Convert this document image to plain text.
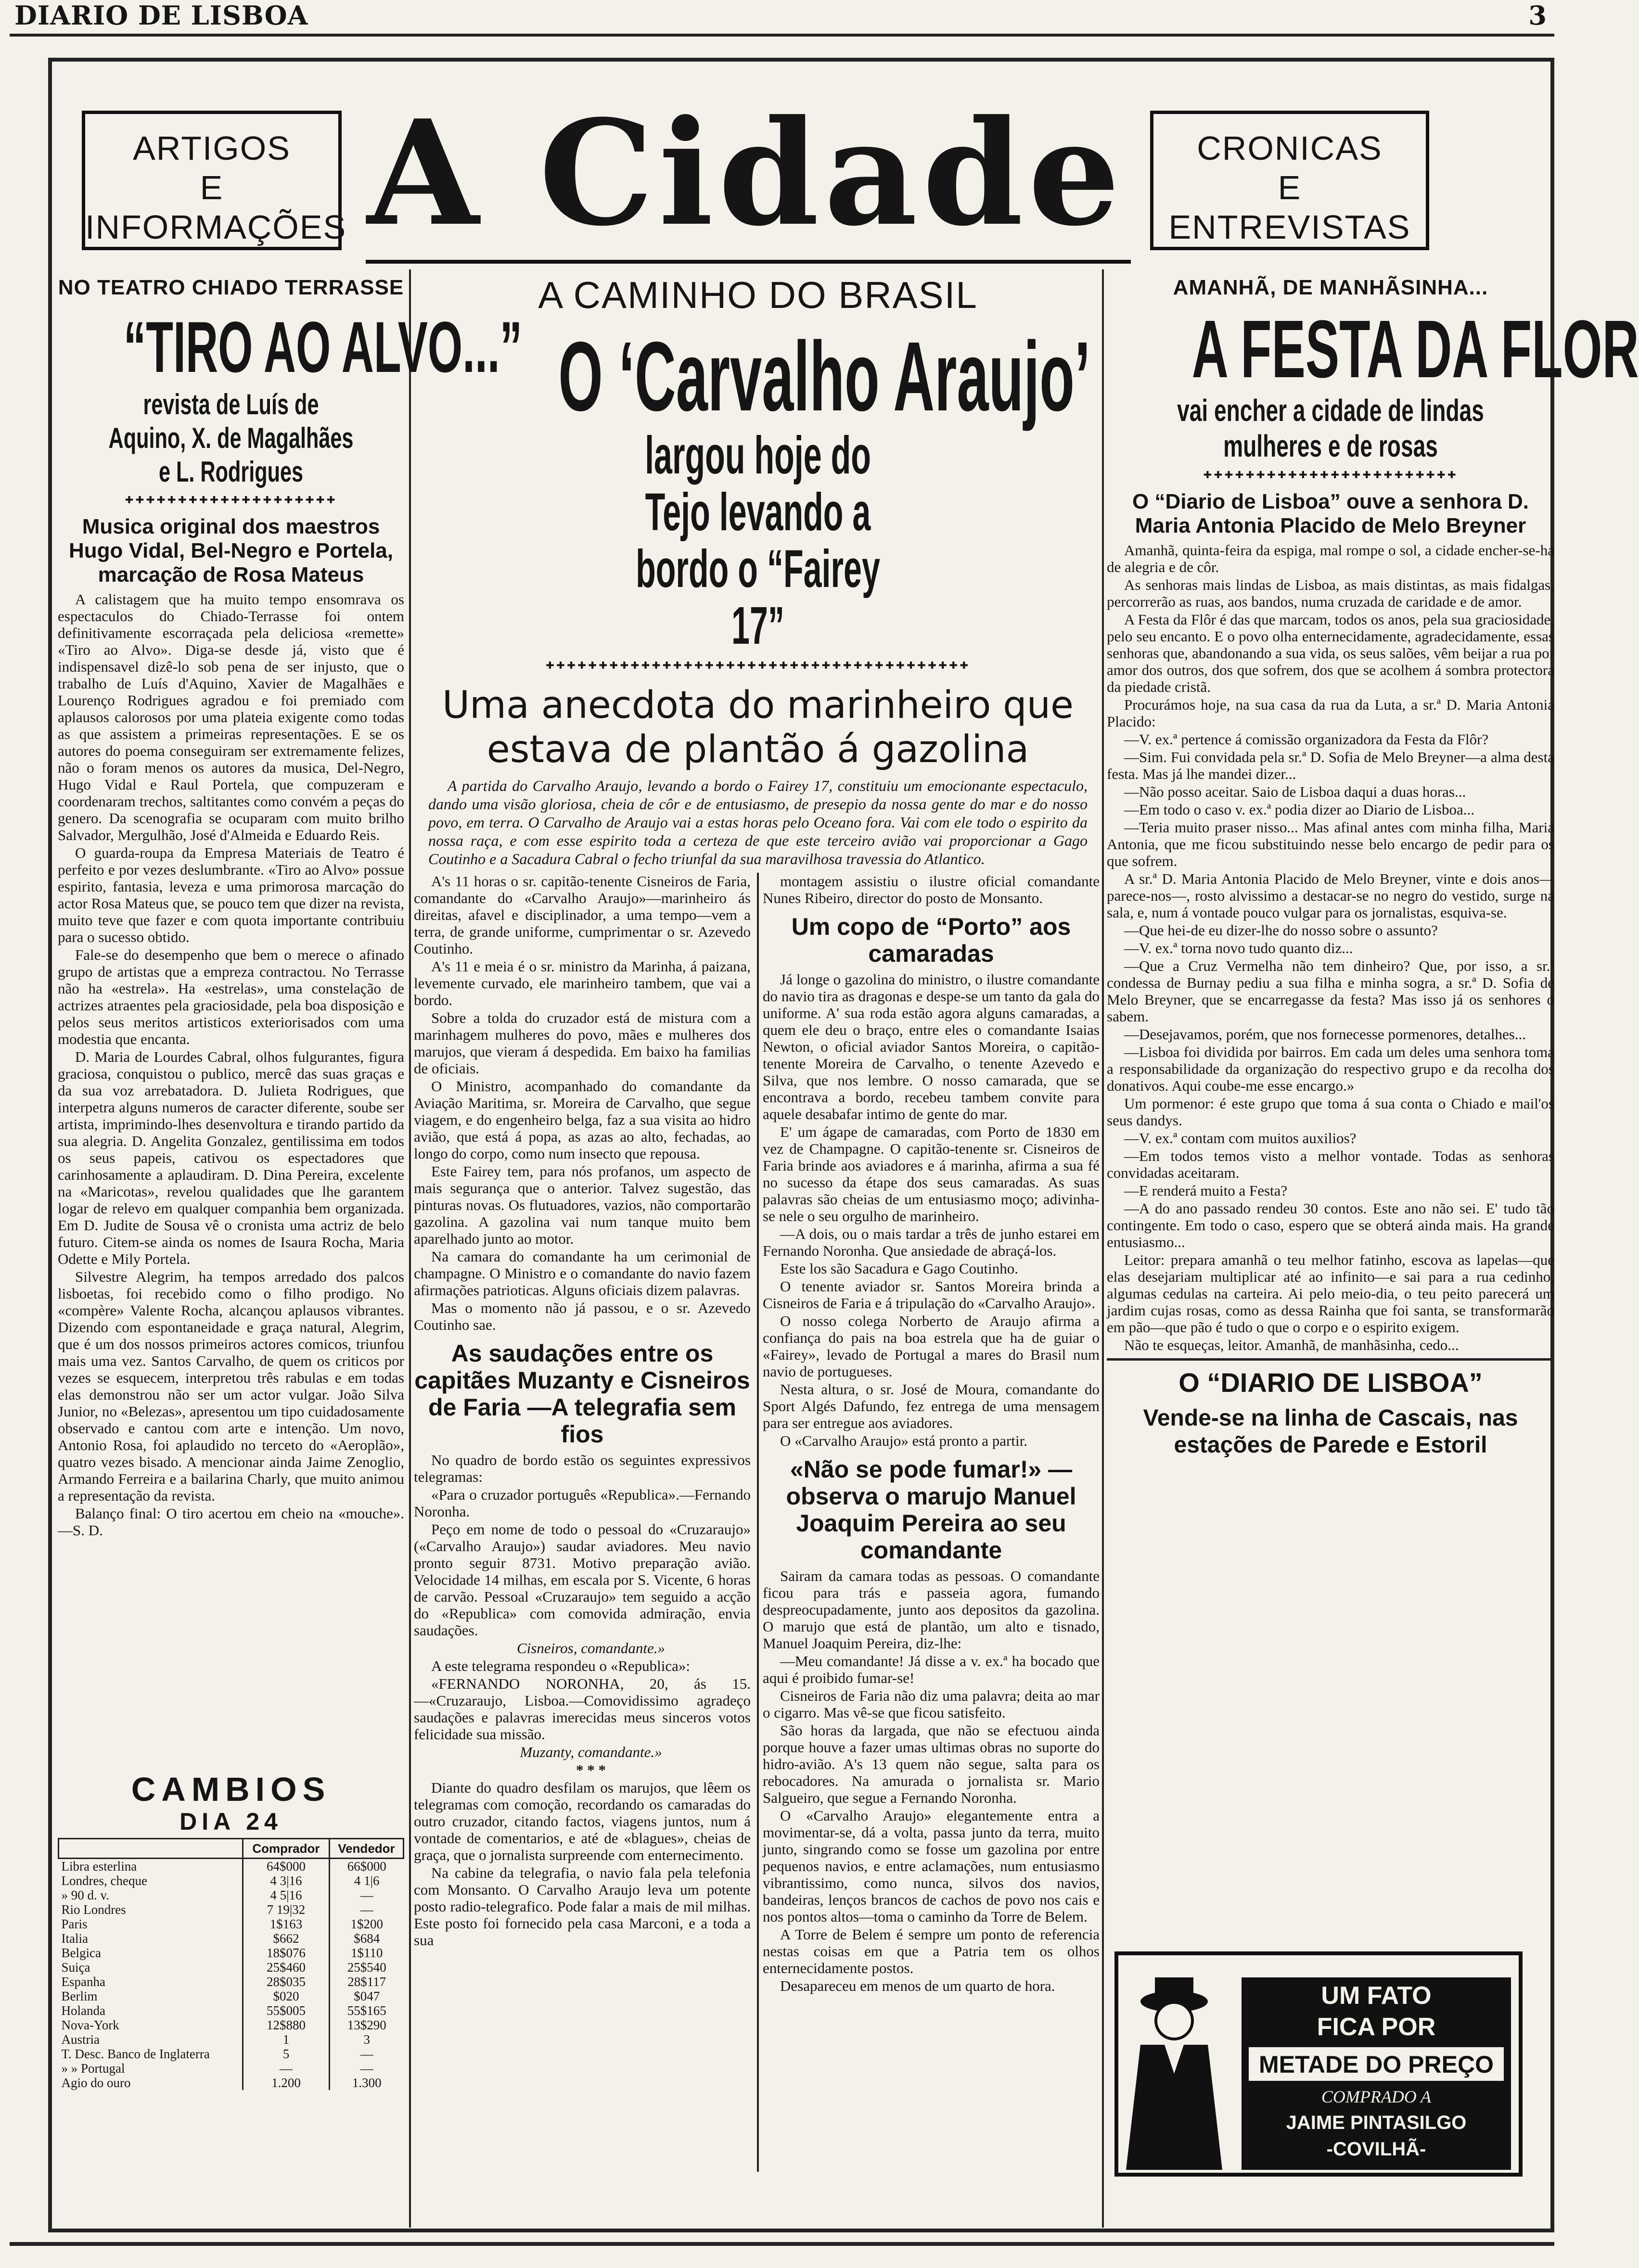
DIARIO DE LISBOA	3
ARTIGOS
E
INFORMAÇÕES A Cidade	CRONICAS
E
ENTREVISTAS
NO TEATRO CHIADO TERRASSE
“TIRO AO ALVO...”
revista de Luís de Aquino, X. de Magalhães e L. Rodrigues
✚✚✚✚✚✚✚✚✚✚✚✚✚✚✚✚✚✚✚✚
Musica original dos maestros Hugo Vidal, Bel-Negro e Portela, marcação de Rosa Mateus

A calistagem que ha muito tempo ensomrava os espectaculos do Chiado-Terrasse foi ontem definitivamente escorraçada pela deliciosa «remette» «Tiro ao Alvo». Diga-se desde já, visto que é indispensavel dizê-lo sob pena de ser injusto, que o trabalho de Luís d'Aquino, Xavier de Magalhães e Lourenço Rodrigues agradou e foi premiado com aplausos calorosos por uma plateia exigente como todas as que assistem a primeiras representações. E se os autores do poema conseguiram ser extremamente felizes, não o foram menos os autores da musica, Del-Negro, Hugo Vidal e Raul Portela, que compuzeram e coordenaram trechos, saltitantes como convém a peças do genero. Da scenografia se ocuparam com muito brilho Salvador, Mergulhão, José d'Almeida e Eduardo Reis.

O guarda-roupa da Empresa Materiais de Teatro é perfeito e por vezes deslumbrante. «Tiro ao Alvo» possue espirito, fantasia, leveza e uma primorosa marcação do actor Rosa Mateus que, se pouco tem que dizer na revista, muito teve que fazer e com quota importante contribuiu para o sucesso obtido.

Fale-se do desempenho que bem o merece o afinado grupo de artistas que a empreza contractou. No Terrasse não ha «estrela». Ha «estrelas», uma constelação de actrizes atraentes pela graciosidade, pela boa disposição e pelos seus meritos artisticos exteriorisados com uma modestia que encanta.

D. Maria de Lourdes Cabral, olhos fulgurantes, figura graciosa, conquistou o publico, mercê das suas graças e da sua voz arrebatadora. D. Julieta Rodrigues, que interpetra alguns numeros de caracter diferente, soube ser artista, imprimindo-lhes desenvoltura e tirando partido da sua alegria. D. Angelita Gonzalez, gentilissima em todos os seus papeis, cativou os espectadores que carinhosamente a aplaudiram. D. Dina Pereira, excelente na «Maricotas», revelou qualidades que lhe garantem logar de relevo em qualquer companhia bem organizada. Em D. Judite de Sousa vê o cronista uma actriz de belo futuro. Citem-se ainda os nomes de Isaura Rocha, Maria Odette e Mily Portela.

Silvestre Alegrim, ha tempos arredado dos palcos lisboetas, foi recebido como o filho prodigo. No «compère» Valente Rocha, alcançou aplausos vibrantes. Dizendo com espontaneidade e graça natural, Alegrim, que é um dos nossos primeiros actores comicos, triunfou mais uma vez. Santos Carvalho, de quem os criticos por vezes se esquecem, interpretou três rabulas e em todas elas demonstrou não ser um actor vulgar. João Silva Junior, no «Belezas», apresentou um tipo cuidadosamente observado e cantou com arte e intenção. Um novo, Antonio Rosa, foi aplaudido no terceto do «Aeroplão», quatro vezes bisado. A mencionar ainda Jaime Zenoglio, Armando Ferreira e a bailarina Charly, que muito animou a representação da revista.

Balanço final: O tiro acertou em cheio na «mouche».—S. D.

CAMBIOS
DIA 24
	Comprador	Vendedor
Libra esterlina	64$000	66$000
Londres, cheque	4 3|16	4 1|6
» 90 d. v.	4 5|16	—
Rio Londres	7 19|32	—
Paris	1$163	1$200
Italia	$662	$684
Belgica	18$076	1$110
Suiça	25$460	25$540
Espanha	28$035	28$117
Berlim	$020	$047
Holanda	55$005	55$165
Nova-York	12$880	13$290
Austria	1	3
T. Desc. Banco de Inglaterra	5	—
» » Portugal	—	—
Agio do ouro	1.200	1.300
A CAMINHO DO BRASIL
O ‘Carvalho Araujo’
largou hoje do Tejo levando a bordo o “Fairey 17”
✚✚✚✚✚✚✚✚✚✚✚✚✚✚✚✚✚✚✚✚✚✚✚✚✚✚✚✚✚✚✚✚✚✚✚✚✚✚✚✚
Uma anecdota do marinheiro que estava de plantão á gazolina

A partida do Carvalho Araujo, levando a bordo o Fairey 17, constituiu um emocionante espectaculo, dando uma visão gloriosa, cheia de côr e de entusiasmo, de presepio da nossa gente do mar e do nosso povo, em terra. O Carvalho de Araujo vai a estas horas pelo Oceano fora. Vai com ele todo o espirito da nossa raça, e com esse espirito toda a certeza de que este terceiro avião vai proporcionar a Gago Coutinho e a Sacadura Cabral o fecho triunfal da sua maravilhosa travessia do Atlantico.

A's 11 horas o sr. capitão-tenente Cisneiros de Faria, comandante do «Carvalho Araujo»—marinheiro ás direitas, afavel e disciplinador, a uma tempo—vem a terra, de grande uniforme, cumprimentar o sr. Azevedo Coutinho.

A's 11 e meia é o sr. ministro da Marinha, á paizana, levemente curvado, ele marinheiro tambem, que vai a bordo.

Sobre a tolda do cruzador está de mistura com a marinhagem mulheres do povo, mães e mulheres dos marujos, que vieram á despedida. Em baixo ha familias de oficiais.

O Ministro, acompanhado do comandante da Aviação Maritima, sr. Moreira de Carvalho, que segue viagem, e do engenheiro belga, faz a sua visita ao hidro avião, que está á popa, as azas ao alto, fechadas, ao longo do corpo, como num insecto que repousa.

Este Fairey tem, para nós profanos, um aspecto de mais segurança que o anterior. Talvez sugestão, das pinturas novas. Os flutuadores, vazios, não comportarão gazolina. A gazolina vai num tanque muito bem aparelhado junto ao motor.

Na camara do comandante ha um cerimonial de champagne. O Ministro e o comandante do navio fazem afirmações patrioticas. Alguns oficiais dizem palavras.

Mas o momento não já passou, e o sr. Azevedo Coutinho sae.

As saudações entre os capitães Muzanty e Cisneiros de Faria —A telegrafia sem fios

No quadro de bordo estão os seguintes expressivos telegramas:

«Para o cruzador português «Republica».—Fernando Noronha.

Peço em nome de todo o pessoal do «Cruzaraujo» («Carvalho Araujo») saudar aviadores. Meu navio pronto seguir 8731. Motivo preparação avião. Velocidade 14 milhas, em escala por S. Vicente, 6 horas de carvão. Pessoal «Cruzaraujo» tem seguido a acção do «Republica» com comovida admiração, envia saudações.

Cisneiros, comandante.»

A este telegrama respondeu o «Republica»:

«FERNANDO NORONHA, 20, ás 15. —«Cruzaraujo, Lisboa.—Comovidissimo agradeço saudações e palavras imerecidas meus sinceros votos felicidade sua missão.

Muzanty, comandante.»

* * *

Diante do quadro desfilam os marujos, que lêem os telegramas com comoção, recordando os camaradas do outro cruzador, citando factos, viagens juntos, num á vontade de comentarios, e até de «blagues», cheias de graça, que o jornalista surpreende com enternecimento.

Na cabine da telegrafia, o navio fala pela telefonia com Monsanto. O Carvalho Araujo leva um potente posto radio-telegrafico. Pode falar a mais de mil milhas. Este posto foi fornecido pela casa Marconi, e a toda a sua

montagem assistiu o ilustre oficial comandante Nunes Ribeiro, director do posto de Monsanto.

Um copo de “Porto” aos camaradas

Já longe o gazolina do ministro, o ilustre comandante do navio tira as dragonas e despe-se um tanto da gala do uniforme. A' sua roda estão agora alguns camaradas, a quem ele deu o braço, entre eles o comandante Isaias Newton, o oficial aviador Santos Moreira, o capitão-tenente Moreira de Carvalho, o tenente Azevedo e Silva, que nos lembre. O nosso camarada, que se encontrava a bordo, recebeu tambem convite para aquele desabafar intimo de gente do mar.

E' um ágape de camaradas, com Porto de 1830 em vez de Champagne. O capitão-tenente sr. Cisneiros de Faria brinde aos aviadores e á marinha, afirma a sua fé no sucesso da étape dos seus camaradas. As suas palavras são cheias de um entusiasmo moço; adivinha-se nele o seu orgulho de marinheiro.

—A dois, ou o mais tardar a três de junho estarei em Fernando Noronha. Que ansiedade de abraçá-los.

Este los são Sacadura e Gago Coutinho.

O tenente aviador sr. Santos Moreira brinda a Cisneiros de Faria e á tripulação do «Carvalho Araujo».

O nosso colega Norberto de Araujo afirma a confiança do pais na boa estrela que ha de guiar o «Fairey», levado de Portugal a mares do Brasil num navio de portugueses.

Nesta altura, o sr. José de Moura, comandante do Sport Algés Dafundo, fez entrega de uma mensagem para ser entregue aos aviadores.

O «Carvalho Araujo» está pronto a partir.

«Não se pode fumar!» —observa o marujo Manuel Joaquim Pereira ao seu comandante

Sairam da camara todas as pessoas. O comandante ficou para trás e passeia agora, fumando despreocupadamente, junto aos depositos da gazolina. O marujo que está de plantão, um alto e tisnado, Manuel Joaquim Pereira, diz-lhe:

—Meu comandante! Já disse a v. ex.ª ha bocado que aqui é proibido fumar-se!

Cisneiros de Faria não diz uma palavra; deita ao mar o cigarro. Mas vê-se que ficou satisfeito.

São horas da largada, que não se efectuou ainda porque houve a fazer umas ultimas obras no suporte do hidro-avião. A's 13 quem não segue, salta para os rebocadores. Na amurada o jornalista sr. Mario Salgueiro, que segue a Fernando Noronha.

O «Carvalho Araujo» elegantemente entra a movimentar-se, dá a volta, passa junto da terra, muito junto, singrando como se fosse um gazolina por entre pequenos navios, e entre aclamações, num entusiasmo vibrantissimo, como nunca, silvos dos navios, bandeiras, lenços brancos de cachos de povo nos cais e nos pontos altos—toma o caminho da Torre de Belem.

A Torre de Belem é sempre um ponto de referencia nestas coisas em que a Patria tem os olhos enternecidamente postos.

Desapareceu em menos de um quarto de hora.

AMANHÃ, DE MANHÃSINHA...
A FESTA DA FLOR
vai encher a cidade de lindas mulheres e de rosas
✚✚✚✚✚✚✚✚✚✚✚✚✚✚✚✚✚✚✚✚✚✚✚✚
O “Diario de Lisboa” ouve a senhora D. Maria Antonia Placido de Melo Breyner

Amanhã, quinta-feira da espiga, mal rompe o sol, a cidade encher-se-ha de alegria e de côr.

As senhoras mais lindas de Lisboa, as mais distintas, as mais fidalgas, percorrerão as ruas, aos bandos, numa cruzada de caridade e de amor.

A Festa da Flôr é das que marcam, todos os anos, pela sua graciosidade, pelo seu encanto. E o povo olha enternecidamente, agradecidamente, essas senhoras que, abandonando a sua vida, os seus salões, vêm beijar a rua por amor dos outros, dos que sofrem, dos que se acolhem á sombra protectora da piedade cristã.

Procurámos hoje, na sua casa da rua da Luta, a sr.ª D. Maria Antonia Placido:

—V. ex.ª pertence á comissão organizadora da Festa da Flôr?

—Sim. Fui convidada pela sr.ª D. Sofia de Melo Breyner—a alma desta festa. Mas já lhe mandei dizer...

—Não posso aceitar. Saio de Lisboa daqui a duas horas...

—Em todo o caso v. ex.ª podia dizer ao Diario de Lisboa...

—Teria muito praser nisso... Mas afinal antes com minha filha, Maria Antonia, que me ficou substituindo nesse belo encargo de pedir para os que sofrem.

A sr.ª D. Maria Antonia Placido de Melo Breyner, vinte e dois anos—parece-nos—, rosto alvissimo a destacar-se no negro do vestido, surge na sala, e, num á vontade pouco vulgar para os jornalistas, esquiva-se.

—Que hei-de eu dizer-lhe do nosso sobre o assunto?

—V. ex.ª torna novo tudo quanto diz...

—Que a Cruz Vermelha não tem dinheiro? Que, por isso, a sr.ª condessa de Burnay pediu a sua filha e minha sogra, a sr.ª D. Sofia de Melo Breyner, que se encarregasse da festa? Mas isso já os senhores o sabem.

—Desejavamos, porém, que nos fornecesse pormenores, detalhes...

—Lisboa foi dividida por bairros. Em cada um deles uma senhora toma a responsabilidade da organização do respectivo grupo e da recolha dos donativos. Aqui coube-me esse encargo.»

Um pormenor: é este grupo que toma á sua conta o Chiado e mail'os seus dandys.

—V. ex.ª contam com muitos auxilios?

—Em todos temos visto a melhor vontade. Todas as senhoras convidadas aceitaram.

—E renderá muito a Festa?

—A do ano passado rendeu 30 contos. Este ano não sei. E' tudo tão contingente. Em todo o caso, espero que se obterá ainda mais. Ha grande entusiasmo...

Leitor: prepara amanhã o teu melhor fatinho, escova as lapelas—que elas desejariam multiplicar até ao infinito—e sai para a rua cedinho, algumas cedulas na carteira. Ai pelo meio-dia, o teu peito parecerá um jardim cujas rosas, como as dessa Rainha que foi santa, se transformarão em pão—que pão é tudo o que o corpo e o espirito exigem.

Não te esqueças, leitor. Amanhã, de manhãsinha, cedo...

O “DIARIO DE LISBOA”
Vende-se na linha de Cascais, nas estações de Parede e Estoril
UM FATO
FICA POR
METADE DO PREÇO
COMPRADO A
JAIME PINTASILGO
-COVILHÃ-
